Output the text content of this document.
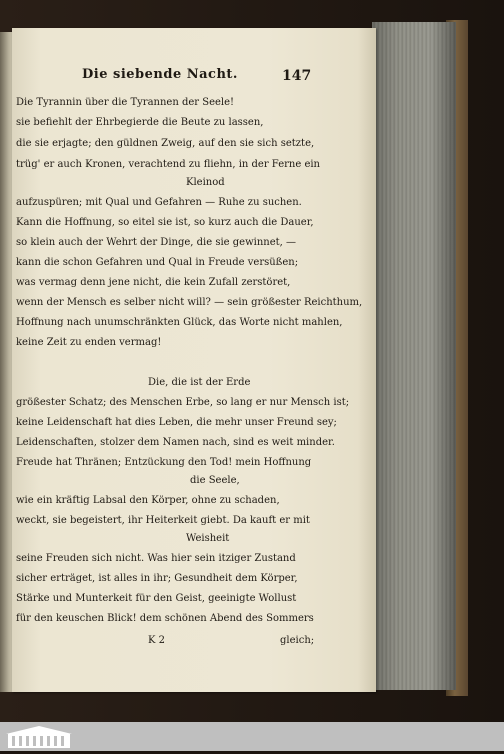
Die siebende Nacht.	147
Die Tyrannin über die Tyrannen der Seele!
sie befiehlt der Ehrbegierde die Beute zu lassen,
die sie erjagte; den güldnen Zweig, auf den sie sich setzte,
trüg' er auch Kronen, verachtend zu fliehn, in der Ferne ein
Kleinod
aufzuspüren; mit Qual und Gefahren — Ruhe zu suchen.
Kann die Hoffnung, so eitel sie ist, so kurz auch die Dauer,
so klein auch der Wehrt der Dinge, die sie gewinnet, —
kann die schon Gefahren und Qual in Freude versüßen;
was vermag denn jene nicht, die kein Zufall zerstöret,
wenn der Mensch es selber nicht will? — sein größester Reichthum,
Hoffnung nach unumschränkten Glück, das Worte nicht mahlen,
keine Zeit zu enden vermag!
Die, die ist der Erde
größester Schatz; des Menschen Erbe, so lang er nur Mensch ist;
keine Leidenschaft hat dies Leben, die mehr unser Freund sey;
Leidenschaften, stolzer dem Namen nach, sind es weit minder.
Freude hat Thränen; Entzückung den Tod! mein Hoffnung
die Seele,
wie ein kräftig Labsal den Körper, ohne zu schaden,
weckt, sie begeistert, ihr Heiterkeit giebt. Da kauft er mit
Weisheit
seine Freuden sich nicht. Was hier sein itziger Zustand
sicher erträget, ist alles in ihr; Gesundheit dem Körper,
Stärke und Munterkeit für den Geist, geeinigte Wollust
für den keuschen Blick! dem schönen Abend des Sommers
K 2	gleich;
